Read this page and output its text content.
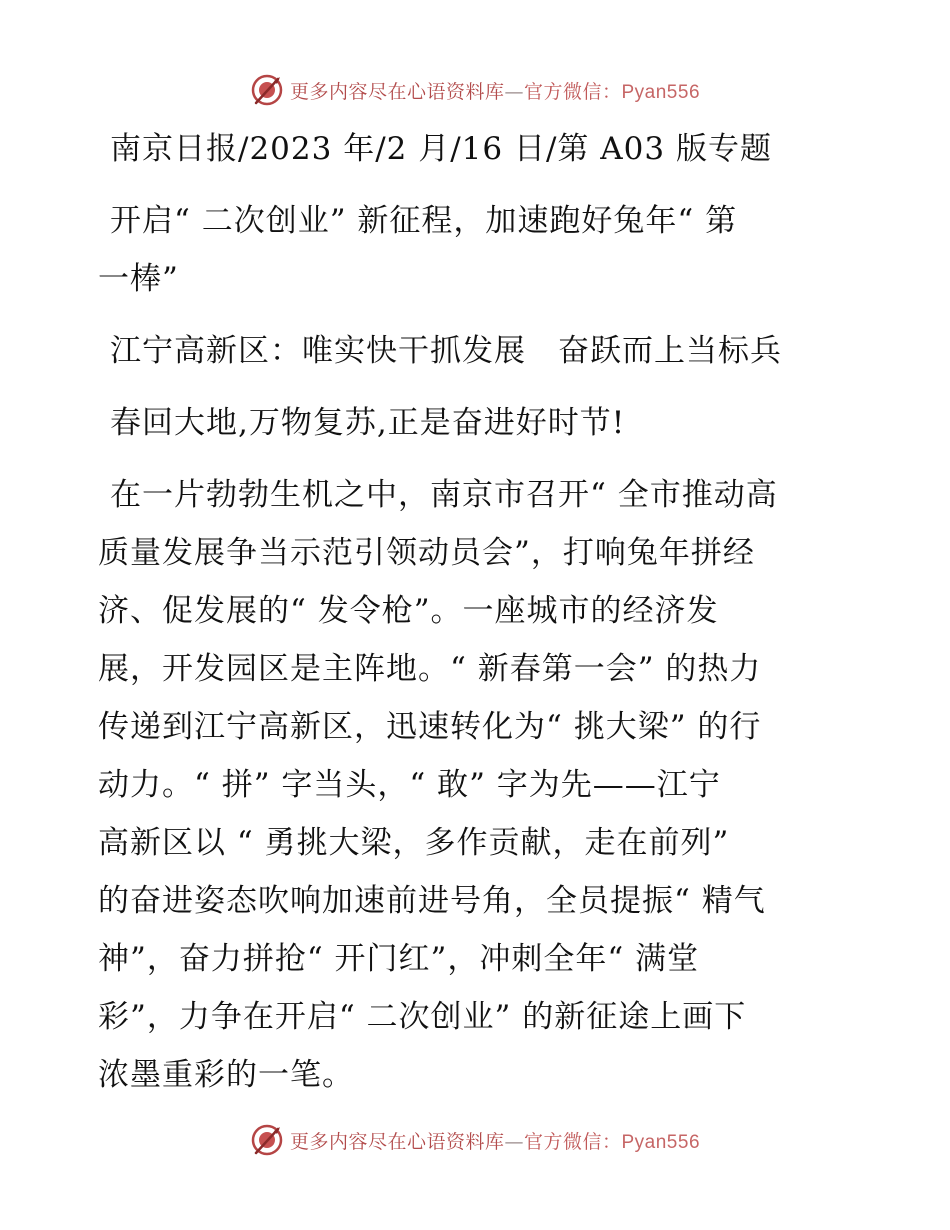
更多内容尽在心语资料库—官方微信：Pyan556
南京日报/2023 年/2 月/16 日/第 A03 版专题
开启“ 二次创业” 新征程，加速跑好兔年“ 第
一棒”
江宁高新区：唯实快干抓发展　奋跃而上当标兵
春回大地,万物复苏,正是奋进好时节!
在一片勃勃生机之中，南京市召开“ 全市推动高
质量发展争当示范引领动员会”，打响兔年拼经
济、促发展的“ 发令枪”。一座城市的经济发
展，开发园区是主阵地。“ 新春第一会” 的热力
传递到江宁高新区，迅速转化为“ 挑大梁” 的行
动力。“ 拼” 字当头，“ 敢” 字为先——江宁
高新区以 “ 勇挑大梁，多作贡献，走在前列”
的奋进姿态吹响加速前进号角，全员提振“ 精气
神”，奋力拼抢“ 开门红”，冲刺全年“ 满堂
彩”，力争在开启“ 二次创业” 的新征途上画下
浓墨重彩的一笔。
更多内容尽在心语资料库—官方微信：Pyan556
